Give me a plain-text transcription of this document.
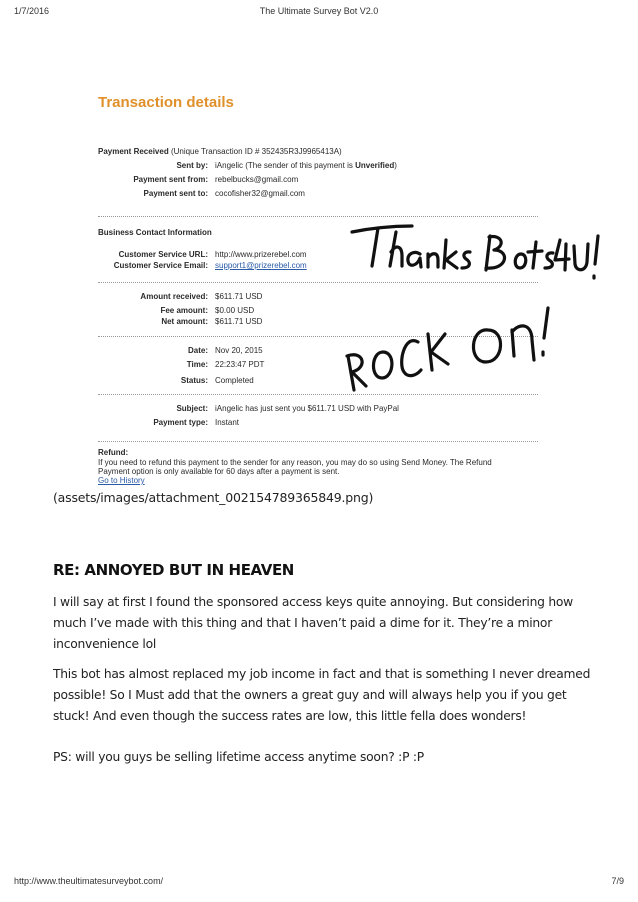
1/7/2016	The Ultimate Survey Bot V2.0
Transaction details
Payment Received (Unique Transaction ID # 352435R3J9965413A)
Sent by: iAngelic (The sender of this payment is Unverified)
Payment sent from: rebelbucks@gmail.com
Payment sent to: cocofisher32@gmail.com
Business Contact Information
Customer Service URL: http://www.prizerebel.com
Customer Service Email: support1@prizerebel.com
Amount received: $611.71 USD
Fee amount: $0.00 USD
Net amount: $611.71 USD
Date: Nov 20, 2015
Time: 22:23:47 PDT
Status: Completed
Subject: iAngelic has just sent you $611.71 USD with PayPal
Payment type: Instant
Refund:
If you need to refund this payment to the sender for any reason, you may do so using Send Money. The Refund
Payment option is only available for 60 days after a payment is sent.
Go to History
(assets/images/attachment_002154789365849.png)
RE: ANNOYED BUT IN HEAVEN
I will say at first I found the sponsored access keys quite annoying. But considering how much I’ve made with this thing and that I haven’t paid a dime for it. They’re a minor inconvenience lol
This bot has almost replaced my job income in fact and that is something I never dreamed possible! So I Must add that the owners a great guy and will always help you if you get stuck! And even though the success rates are low, this little fella does wonders!
PS: will you guys be selling lifetime access anytime soon? :P :P
http://www.theultimatesurveybot.com/	7/9
